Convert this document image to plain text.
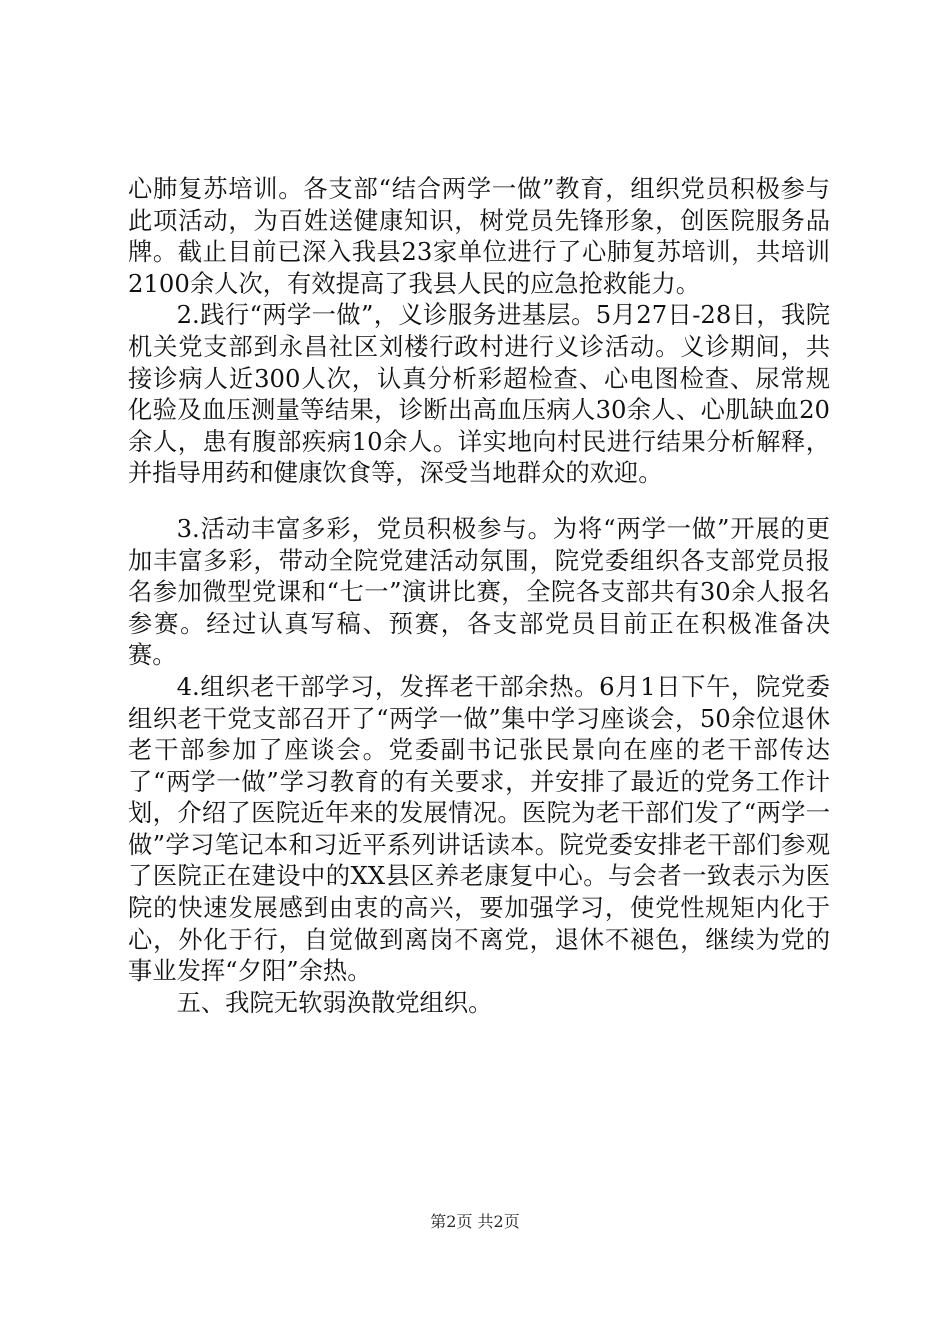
心肺复苏培训。各支部“结合两学一做”教育，组织党员积极参与此项活动，为百姓送健康知识，树党员先锋形象，创医院服务品牌。截止目前已深入我县23家单位进行了心肺复苏培训，共培训2100余人次，有效提高了我县人民的应急抢救能力。

2.践行“两学一做”，义诊服务进基层。5月27日-28日，我院机关党支部到永昌社区刘楼行政村进行义诊活动。义诊期间，共接诊病人近300人次，认真分析彩超检查、心电图检查、尿常规化验及血压测量等结果，诊断出高血压病人30余人、心肌缺血20余人，患有腹部疾病10余人。详实地向村民进行结果分析解释，并指导用药和健康饮食等，深受当地群众的欢迎。

3.活动丰富多彩，党员积极参与。为将“两学一做”开展的更加丰富多彩，带动全院党建活动氛围，院党委组织各支部党员报名参加微型党课和“七一”演讲比赛，全院各支部共有30余人报名参赛。经过认真写稿、预赛，各支部党员目前正在积极准备决赛。

4.组织老干部学习，发挥老干部余热。6月1日下午，院党委组织老干党支部召开了“两学一做”集中学习座谈会，50余位退休老干部参加了座谈会。党委副书记张民景向在座的老干部传达了“两学一做”学习教育的有关要求，并安排了最近的党务工作计划，介绍了医院近年来的发展情况。医院为老干部们发了“两学一做”学习笔记本和习近平系列讲话读本。院党委安排老干部们参观了医院正在建设中的XX县区养老康复中心。与会者一致表示为医院的快速发展感到由衷的高兴，要加强学习，使党性规矩内化于心，外化于行，自觉做到离岗不离党，退休不褪色，继续为党的事业发挥“夕阳”余热。

五、我院无软弱涣散党组织。

第2页 共2页
